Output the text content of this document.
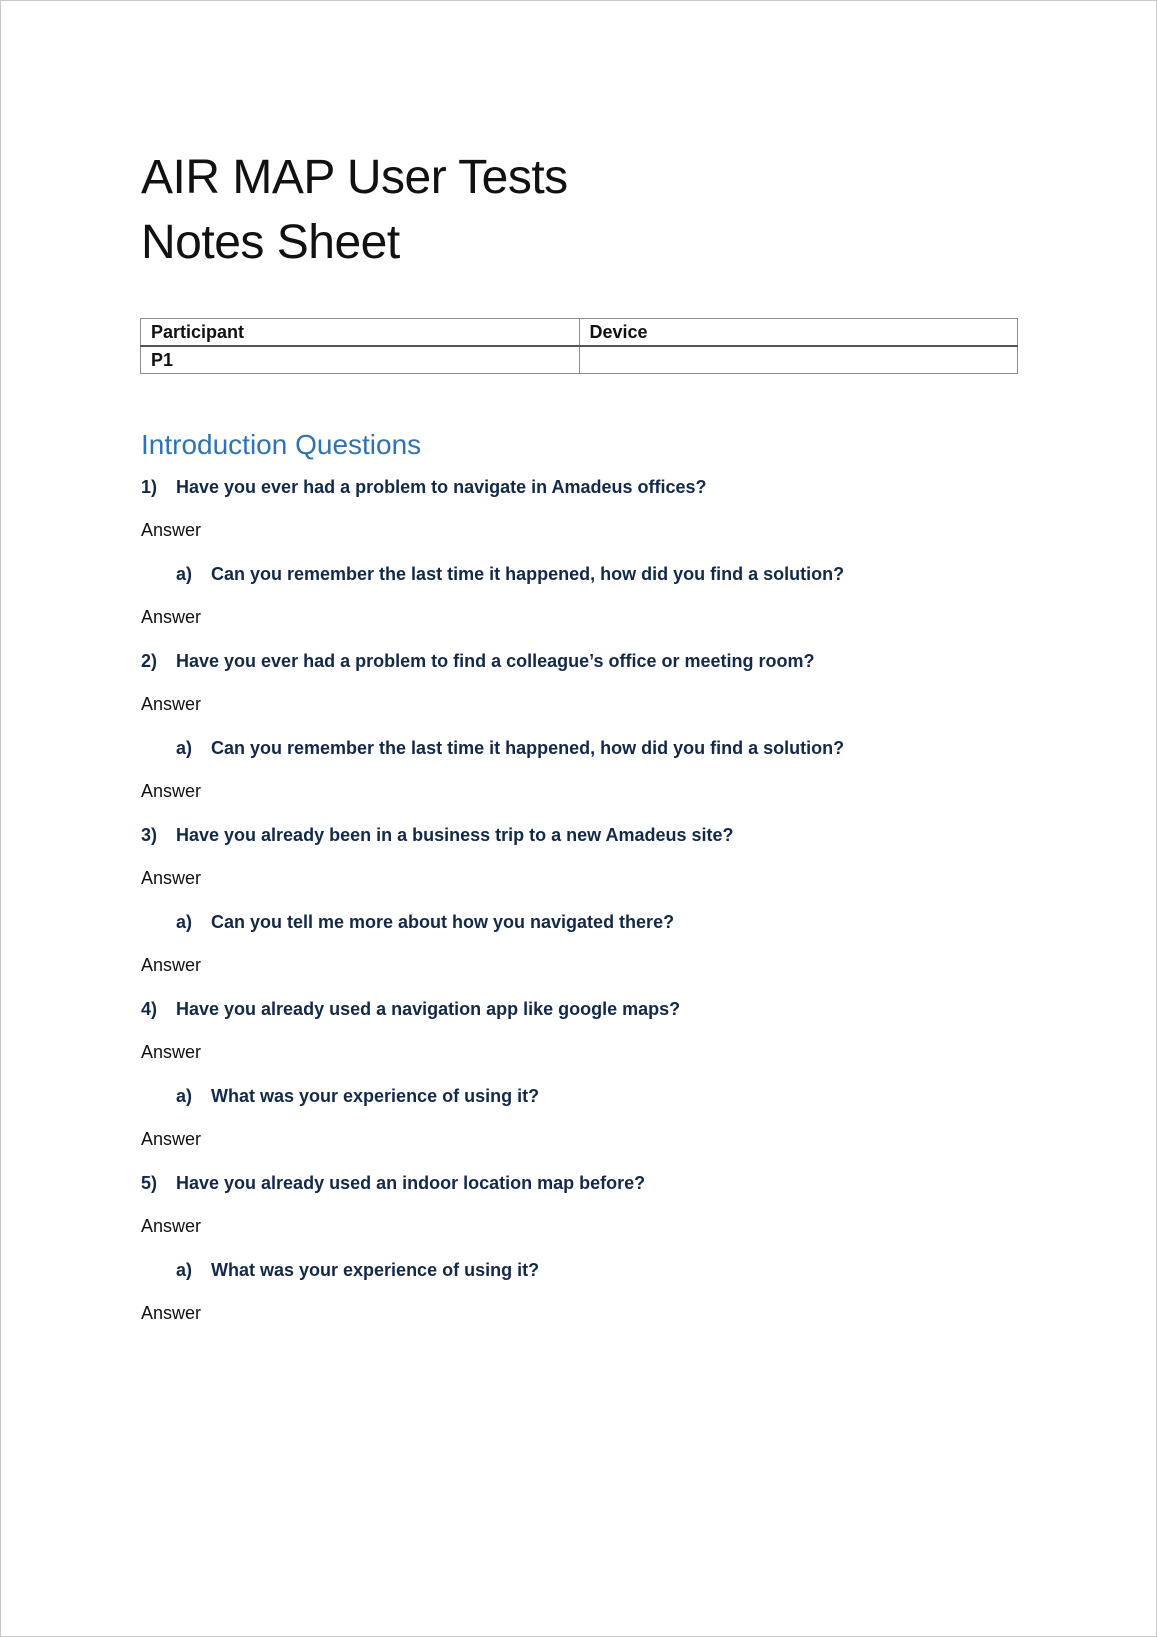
AIR MAP User Tests

Notes Sheet

Participant	Device
P1	
Introduction Questions
1)	Have you ever had a problem to navigate in Amadeus offices?
Answer
a)	Can you remember the last time it happened, how did you find a solution?
Answer
2)	Have you ever had a problem to find a colleague’s office or meeting room?
Answer
a)	Can you remember the last time it happened, how did you find a solution?
Answer
3)	Have you already been in a business trip to a new Amadeus site?
Answer
a)	Can you tell me more about how you navigated there?
Answer
4)	Have you already used a navigation app like google maps?
Answer
a)	What was your experience of using it?
Answer
5)	Have you already used an indoor location map before?
Answer
a)	What was your experience of using it?
Answer
